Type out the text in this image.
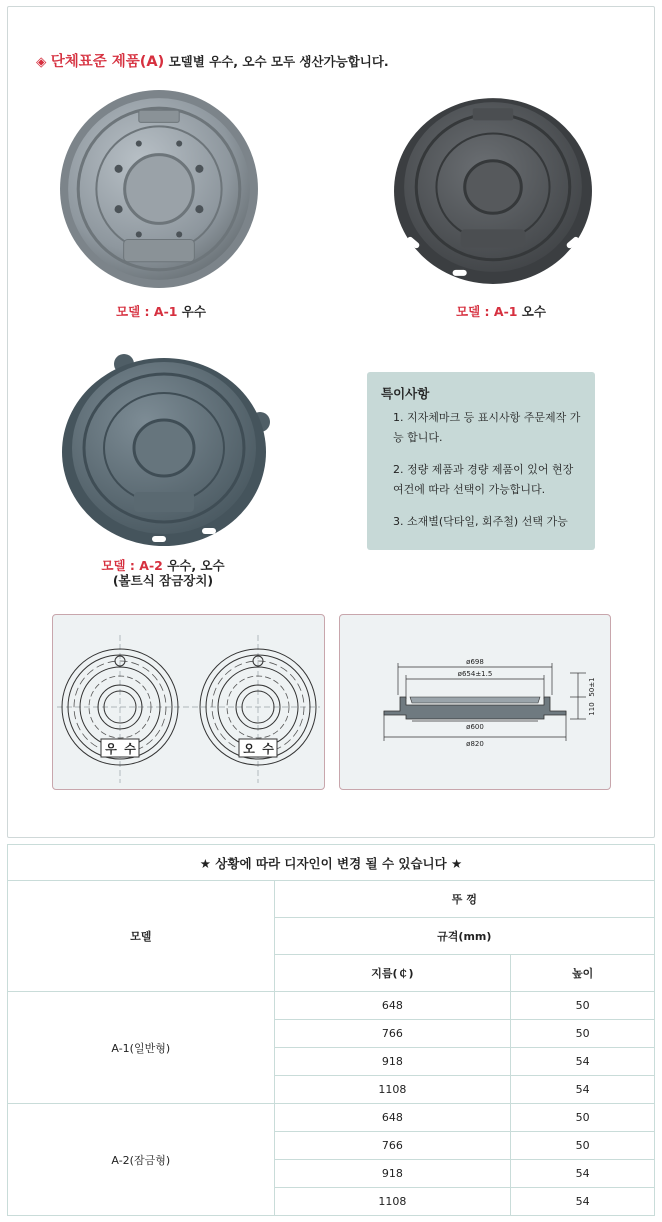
◈ 단체표준 제품(A) 모델별 우수, 오수 모두 생산가능합니다.
모델 : A-1 우수	모델 : A-1 오수
모델 : A-2 우수, 오수
(볼트식 잠금장치)
특이사항
1. 지자체마크 등 표시사항 주문제작 가능 합니다.
2. 정량 제품과 경량 제품이 있어 현장 여건에 따라 선택이 가능합니다.
3. 소재별(닥타일, 회주철) 선택 가능
우 수	오 수
ø698
ø654±1.5
ø600
ø820
50±1
110
★ 상황에 따라 디자인이 변경 될 수 있습니다 ★		
모델	뚜 껑	
	규격(mm)	
	지름(￠)	높이
A-1(일반형)	648	50
	766	50
	918	54
	1108	54
A-2(잠금형)	648	50
	766	50
	918	54
	1108	54
